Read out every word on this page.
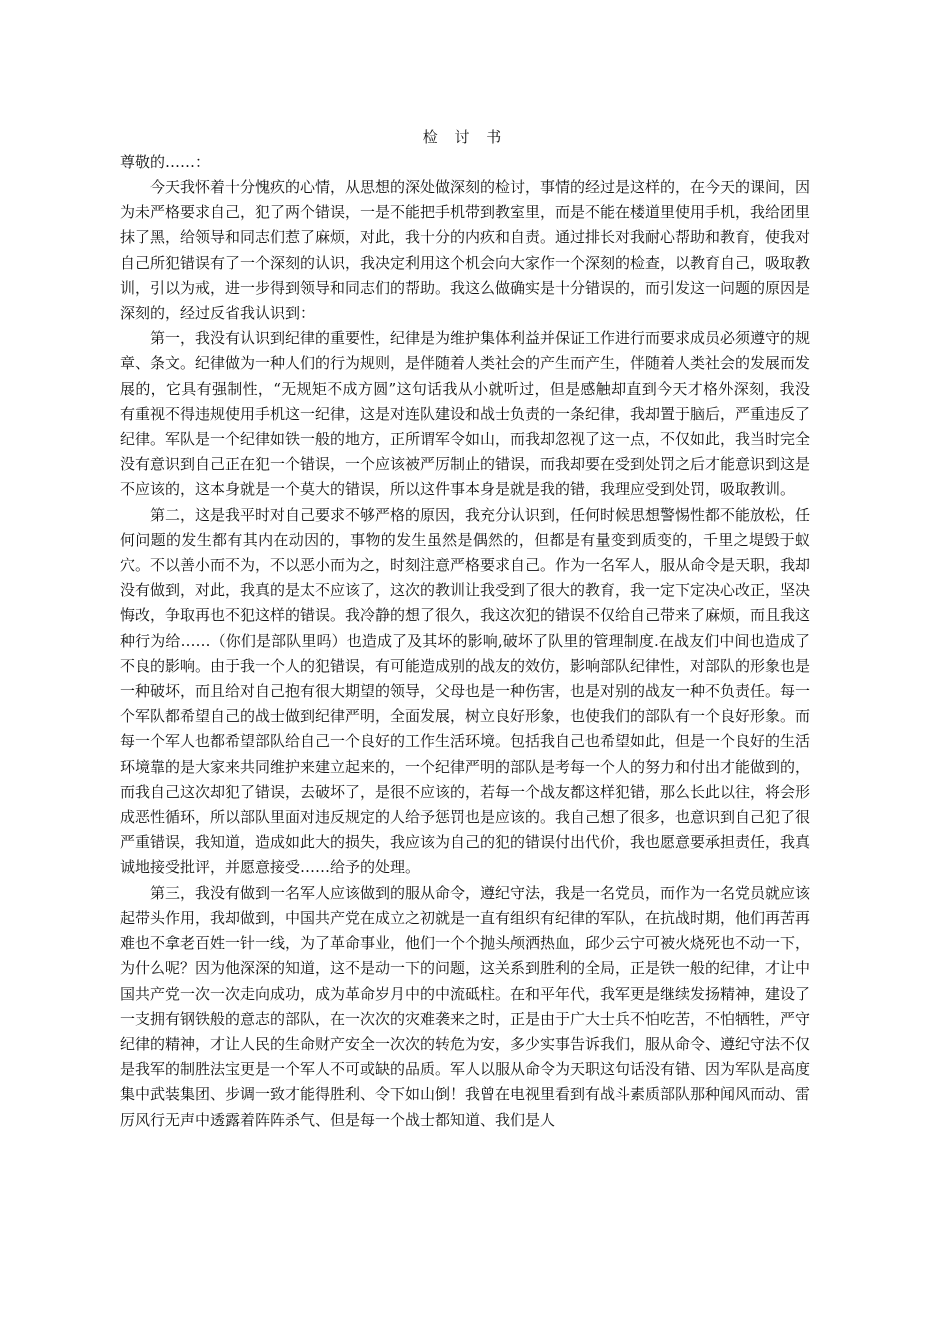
检 讨 书

尊敬的……：

今天我怀着十分愧疚的心情，从思想的深处做深刻的检讨，事情的经过是这样的，在今天的课间，因为未严格要求自己，犯了两个错误，一是不能把手机带到教室里，而是不能在楼道里使用手机，我给团里抹了黑，给领导和同志们惹了麻烦，对此，我十分的内疚和自责。通过排长对我耐心帮助和教育，使我对自己所犯错误有了一个深刻的认识，我决定利用这个机会向大家作一个深刻的检查，以教育自己，吸取教训，引以为戒，进一步得到领导和同志们的帮助。我这么做确实是十分错误的，而引发这一问题的原因是深刻的，经过反省我认识到：

第一，我没有认识到纪律的重要性，纪律是为维护集体利益并保证工作进行而要求成员必须遵守的规章、条文。纪律做为一种人们的行为规则，是伴随着人类社会的产生而产生，伴随着人类社会的发展而发展的，它具有强制性，“无规矩不成方圆”这句话我从小就听过，但是感触却直到今天才格外深刻，我没有重视不得违规使用手机这一纪律，这是对连队建设和战士负责的一条纪律，我却置于脑后，严重违反了纪律。军队是一个纪律如铁一般的地方，正所谓军令如山，而我却忽视了这一点，不仅如此，我当时完全没有意识到自己正在犯一个错误，一个应该被严厉制止的错误，而我却要在受到处罚之后才能意识到这是不应该的，这本身就是一个莫大的错误，所以这件事本身是就是我的错，我理应受到处罚，吸取教训。

第二，这是我平时对自己要求不够严格的原因，我充分认识到，任何时候思想警惕性都不能放松，任何问题的发生都有其内在动因的，事物的发生虽然是偶然的，但都是有量变到质变的，千里之堤毁于蚁穴。不以善小而不为，不以恶小而为之，时刻注意严格要求自己。作为一名军人，服从命令是天职，我却没有做到，对此，我真的是太不应该了，这次的教训让我受到了很大的教育，我一定下定决心改正，坚决悔改，争取再也不犯这样的错误。我冷静的想了很久，我这次犯的错误不仅给自己带来了麻烦，而且我这种行为给……（你们是部队里吗）也造成了及其坏的影响,破坏了队里的管理制度.在战友们中间也造成了不良的影响。由于我一个人的犯错误，有可能造成别的战友的效仿，影响部队纪律性，对部队的形象也是一种破坏，而且给对自己抱有很大期望的领导，父母也是一种伤害，也是对别的战友一种不负责任。每一个军队都希望自己的战士做到纪律严明，全面发展，树立良好形象，也使我们的部队有一个良好形象。而每一个军人也都希望部队给自己一个良好的工作生活环境。包括我自己也希望如此，但是一个良好的生活环境靠的是大家来共同维护来建立起来的，一个纪律严明的部队是考每一个人的努力和付出才能做到的，而我自己这次却犯了错误，去破坏了，是很不应该的，若每一个战友都这样犯错，那么长此以往，将会形成恶性循环，所以部队里面对违反规定的人给予惩罚也是应该的。我自己想了很多，也意识到自己犯了很严重错误，我知道，造成如此大的损失，我应该为自己的犯的错误付出代价，我也愿意要承担责任，我真诚地接受批评，并愿意接受……给予的处理。

第三，我没有做到一名军人应该做到的服从命令，遵纪守法，我是一名党员，而作为一名党员就应该起带头作用，我却做到，中国共产党在成立之初就是一直有组织有纪律的军队，在抗战时期，他们再苦再难也不拿老百姓一针一线，为了革命事业，他们一个个抛头颅洒热血，邱少云宁可被火烧死也不动一下，为什么呢？因为他深深的知道，这不是动一下的问题，这关系到胜利的全局，正是铁一般的纪律，才让中国共产党一次一次走向成功，成为革命岁月中的中流砥柱。在和平年代，我军更是继续发扬精神，建设了一支拥有钢铁般的意志的部队，在一次次的灾难袭来之时，正是由于广大士兵不怕吃苦，不怕牺牲，严守纪律的精神，才让人民的生命财产安全一次次的转危为安，多少实事告诉我们，服从命令、遵纪守法不仅是我军的制胜法宝更是一个军人不可或缺的品质。军人以服从命令为天职这句话没有错、因为军队是高度集中武装集团、步调一致才能得胜利、令下如山倒！我曾在电视里看到有战斗素质部队那种闻风而动、雷厉风行无声中透露着阵阵杀气、但是每一个战士都知道、我们是人
